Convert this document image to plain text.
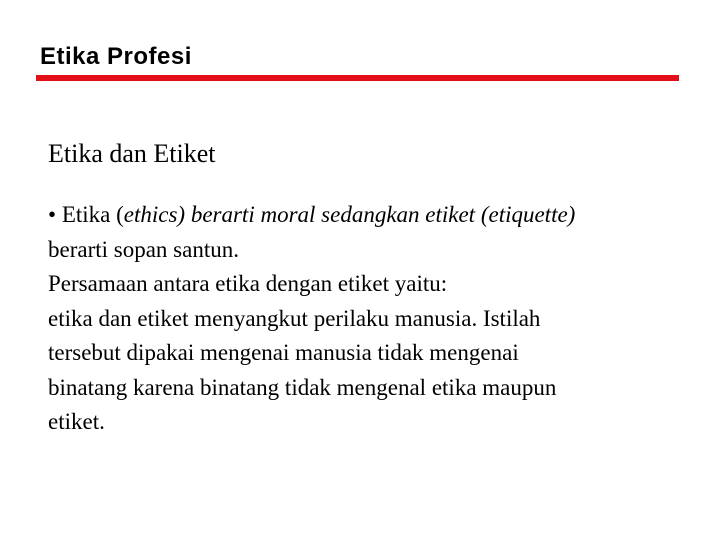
Etika Profesi
Etika dan Etiket
• Etika (ethics) berarti moral sedangkan etiket (etiquette)
berarti sopan santun.
Persamaan antara etika dengan etiket yaitu:
etika dan etiket menyangkut perilaku manusia. Istilah
tersebut dipakai mengenai manusia tidak mengenai
binatang karena binatang tidak mengenal etika maupun
etiket.
